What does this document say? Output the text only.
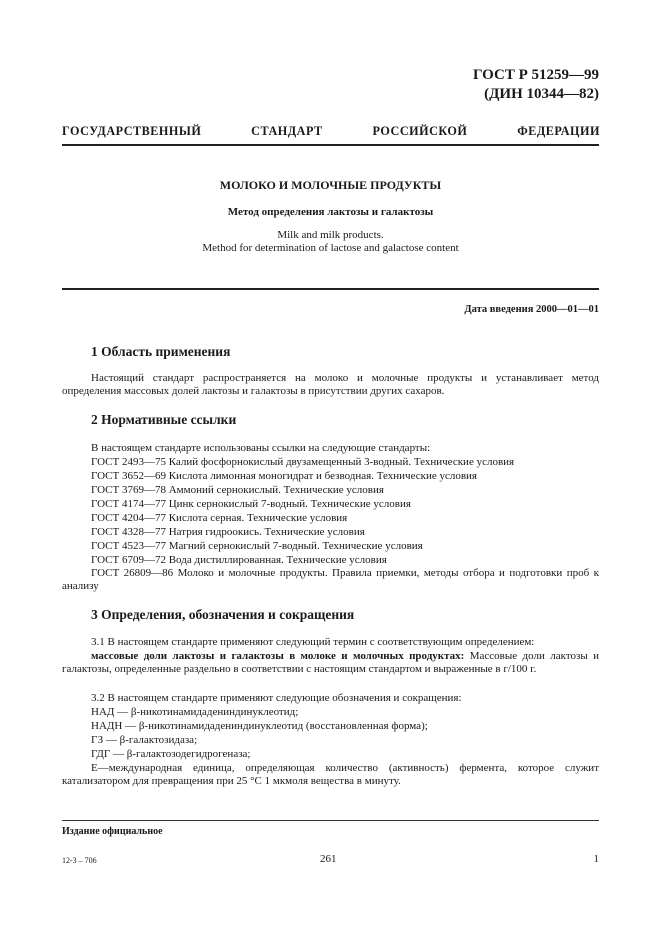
ГОСТ Р 51259—99
(ДИН 10344—82)
ГОСУДАРСТВЕННЫЙ СТАНДАРТ РОССИЙСКОЙ ФЕДЕРАЦИИ
МОЛОКО И МОЛОЧНЫЕ ПРОДУКТЫ
Метод определения лактозы и галактозы
Milk and milk products.
Method for determination of lactose and galactose content
Дата введения 2000—01—01
1 Область применения
Настоящий стандарт распространяется на молоко и молочные продукты и устанавливает метод определения массовых долей лактозы и галактозы в присутствии других сахаров.
2 Нормативные ссылки
В настоящем стандарте использованы ссылки на следующие стандарты:
ГОСТ 2493—75 Калий фосфорнокислый двузамещенный 3-водный. Технические условия
ГОСТ 3652—69 Кислота лимонная моногидрат и безводная. Технические условия
ГОСТ 3769—78 Аммоний сернокислый. Технические условия
ГОСТ 4174—77 Цинк сернокислый 7-водный. Технические условия
ГОСТ 4204—77 Кислота серная. Технические условия
ГОСТ 4328—77 Натрия гидроокись. Технические условия
ГОСТ 4523—77 Магний сернокислый 7-водный. Технические условия
ГОСТ 6709—72 Вода дистиллированная. Технические условия
ГОСТ 26809—86 Молоко и молочные продукты. Правила приемки, методы отбора и подготовки проб к анализу
3 Определения, обозначения и сокращения
3.1 В настоящем стандарте применяют следующий термин с соответствующим определением:
массовые доли лактозы и галактозы в молоке и молочных продуктах: Массовые доли лактозы и галактозы, определенные раздельно в соответствии с настоящим стандартом и выраженные в г/100 г.
3.2 В настоящем стандарте применяют следующие обозначения и сокращения:
НАД — β-никотинамидадениндинуклеотид;
НАДН — β-никотинамидадениндинуклеотид (восстановленная форма);
ГЗ — β-галактозидаза;
ГДГ — β-галактозодегидрогеназа;
Е—международная единица, определяющая количество (активность) фермента, которое служит катализатором для превращения при 25 °С 1 мкмоля вещества в минуту.
Издание официальное
12-3 – 706	261	1
